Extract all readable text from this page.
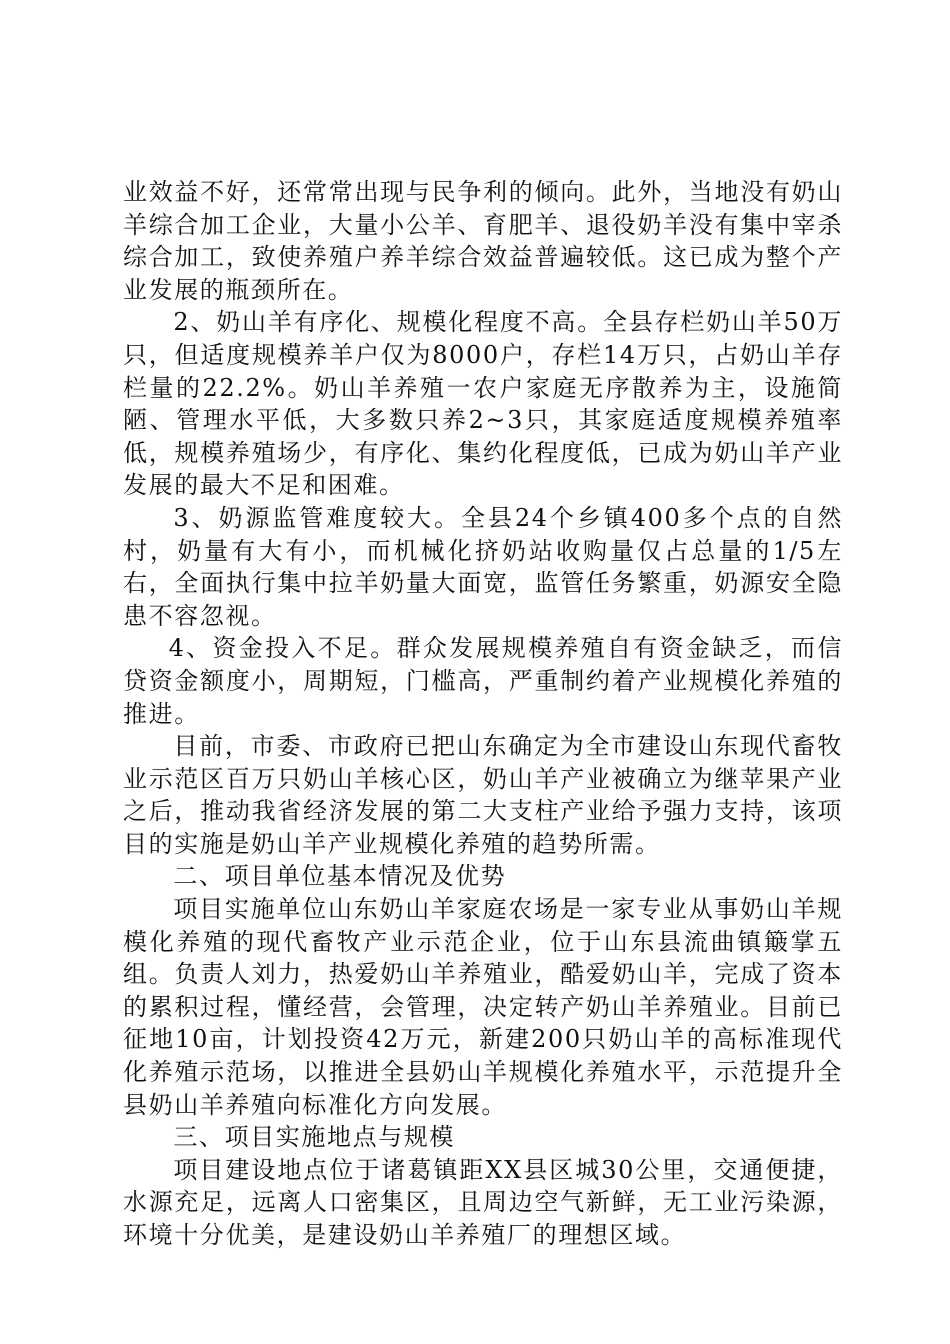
业效益不好，还常常出现与民争利的倾向。此外，当地没有奶山羊综合加工企业，大量小公羊、育肥羊、退役奶羊没有集中宰杀综合加工，致使养殖户养羊综合效益普遍较低。这已成为整个产业发展的瓶颈所在。

2、奶山羊有序化、规模化程度不高。全县存栏奶山羊50万只，但适度规模养羊户仅为8000户，存栏14万只，占奶山羊存栏量的22.2%。奶山羊养殖一农户家庭无序散养为主，设施简陋、管理水平低，大多数只养2~3只，其家庭适度规模养殖率低，规模养殖场少，有序化、集约化程度低，已成为奶山羊产业发展的最大不足和困难。

3、奶源监管难度较大。全县24个乡镇400多个点的自然村，奶量有大有小，而机械化挤奶站收购量仅占总量的1/5左右，全面执行集中拉羊奶量大面宽，监管任务繁重，奶源安全隐患不容忽视。

4、资金投入不足。群众发展规模养殖自有资金缺乏，而信贷资金额度小，周期短，门槛高，严重制约着产业规模化养殖的推进。

目前，市委、市政府已把山东确定为全市建设山东现代畜牧业示范区百万只奶山羊核心区，奶山羊产业被确立为继苹果产业之后，推动我省经济发展的第二大支柱产业给予强力支持，该项目的实施是奶山羊产业规模化养殖的趋势所需。

二、项目单位基本情况及优势

项目实施单位山东奶山羊家庭农场是一家专业从事奶山羊规模化养殖的现代畜牧产业示范企业，位于山东县流曲镇簸掌五组。负责人刘力，热爱奶山羊养殖业，酷爱奶山羊，完成了资本的累积过程，懂经营，会管理，决定转产奶山羊养殖业。目前已征地10亩，计划投资42万元，新建200只奶山羊的高标准现代化养殖示范场，以推进全县奶山羊规模化养殖水平，示范提升全县奶山羊养殖向标准化方向发展。

三、项目实施地点与规模

项目建设地点位于诸葛镇距XX县区城30公里，交通便捷，水源充足，远离人口密集区，且周边空气新鲜，无工业污染源，环境十分优美，是建设奶山羊养殖厂的理想区域。
